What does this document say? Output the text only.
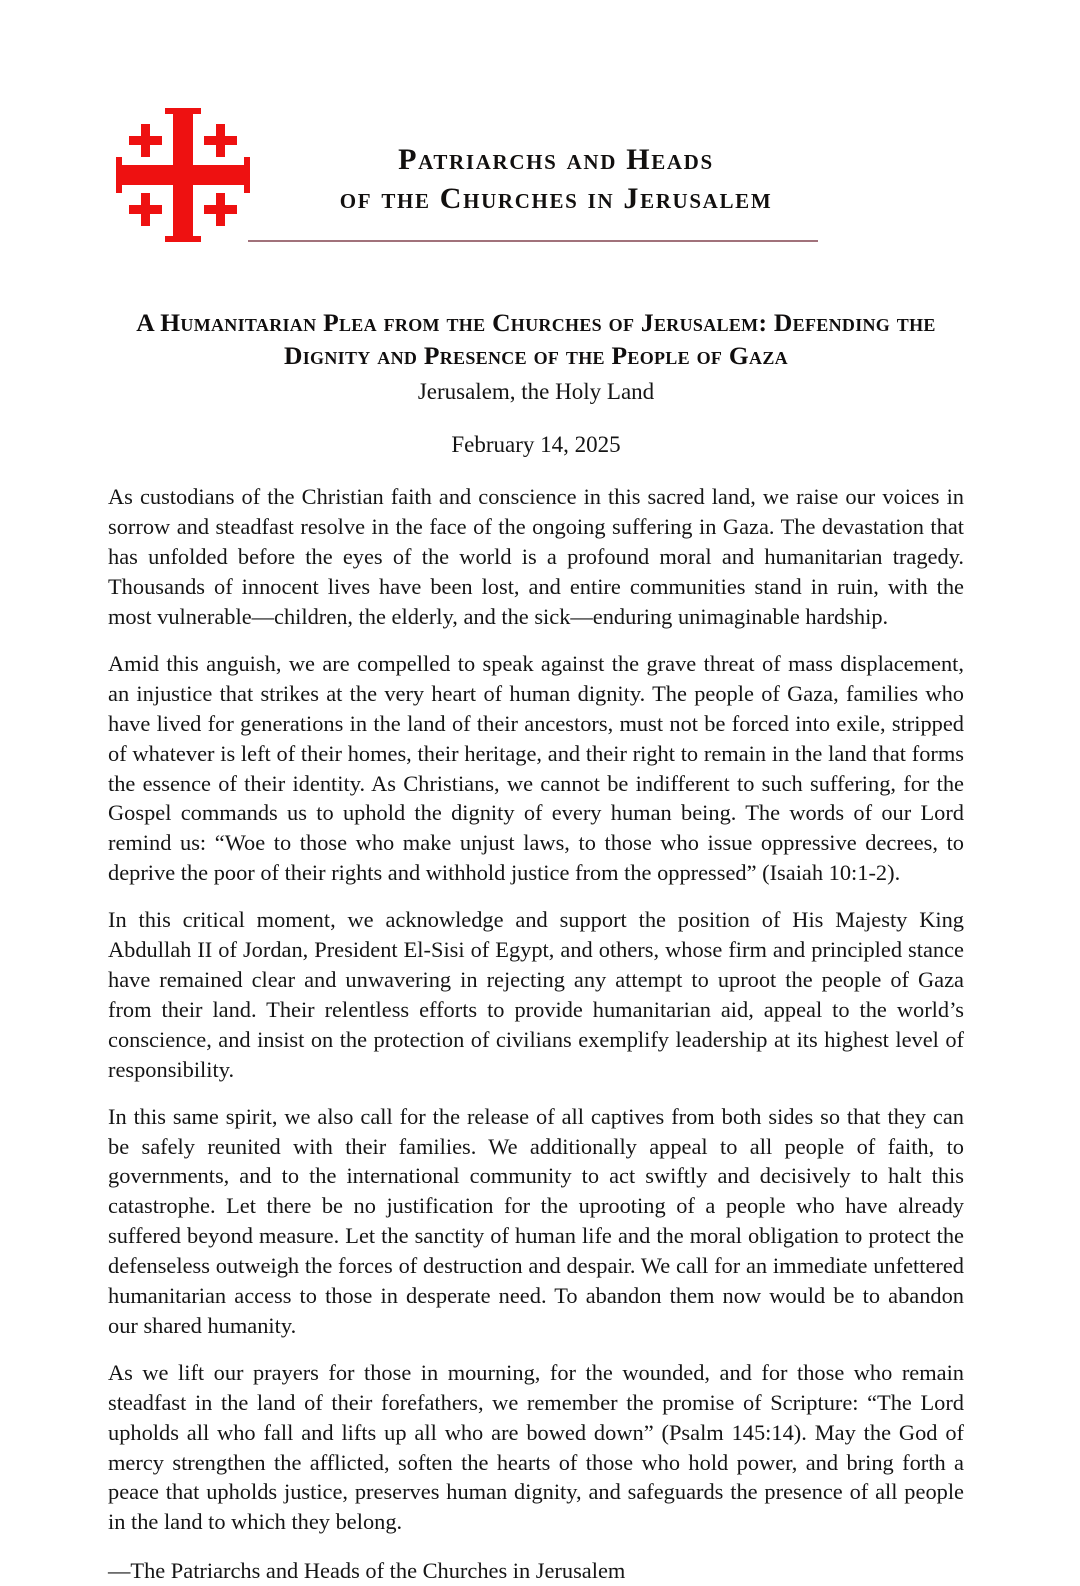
Patriarchs and Heads
of the Churches in Jerusalem
A Humanitarian Plea from the Churches of Jerusalem: Defending the Dignity and Presence of the People of Gaza
Jerusalem, the Holy Land
February 14, 2025

As custodians of the Christian faith and conscience in this sacred land, we raise our voices in sorrow and steadfast resolve in the face of the ongoing suffering in Gaza. The devastation that has unfolded before the eyes of the world is a profound moral and humanitarian tragedy. Thousands of innocent lives have been lost, and entire communities stand in ruin, with the most vulnerable—children, the elderly, and the sick—enduring unimaginable hardship.

Amid this anguish, we are compelled to speak against the grave threat of mass displacement, an injustice that strikes at the very heart of human dignity. The people of Gaza, families who have lived for generations in the land of their ancestors, must not be forced into exile, stripped of whatever is left of their homes, their heritage, and their right to remain in the land that forms the essence of their identity. As Christians, we cannot be indifferent to such suffering, for the Gospel commands us to uphold the dignity of every human being. The words of our Lord remind us: “Woe to those who make unjust laws, to those who issue oppressive decrees, to deprive the poor of their rights and withhold justice from the oppressed” (Isaiah 10:1-2).

In this critical moment, we acknowledge and support the position of His Majesty King Abdullah II of Jordan, President El-Sisi of Egypt, and others, whose firm and principled stance have remained clear and unwavering in rejecting any attempt to uproot the people of Gaza from their land. Their relentless efforts to provide humanitarian aid, appeal to the world’s conscience, and insist on the protection of civilians exemplify leadership at its highest level of responsibility.

In this same spirit, we also call for the release of all captives from both sides so that they can be safely reunited with their families. We additionally appeal to all people of faith, to governments, and to the international community to act swiftly and decisively to halt this catastrophe. Let there be no justification for the uprooting of a people who have already suffered beyond measure. Let the sanctity of human life and the moral obligation to protect the defenseless outweigh the forces of destruction and despair. We call for an immediate unfettered humanitarian access to those in desperate need. To abandon them now would be to abandon our shared humanity.

As we lift our prayers for those in mourning, for the wounded, and for those who remain steadfast in the land of their forefathers, we remember the promise of Scripture: “The Lord upholds all who fall and lifts up all who are bowed down” (Psalm 145:14). May the God of mercy strengthen the afflicted, soften the hearts of those who hold power, and bring forth a peace that upholds justice, preserves human dignity, and safeguards the presence of all people in the land to which they belong.

—The Patriarchs and Heads of the Churches in Jerusalem
